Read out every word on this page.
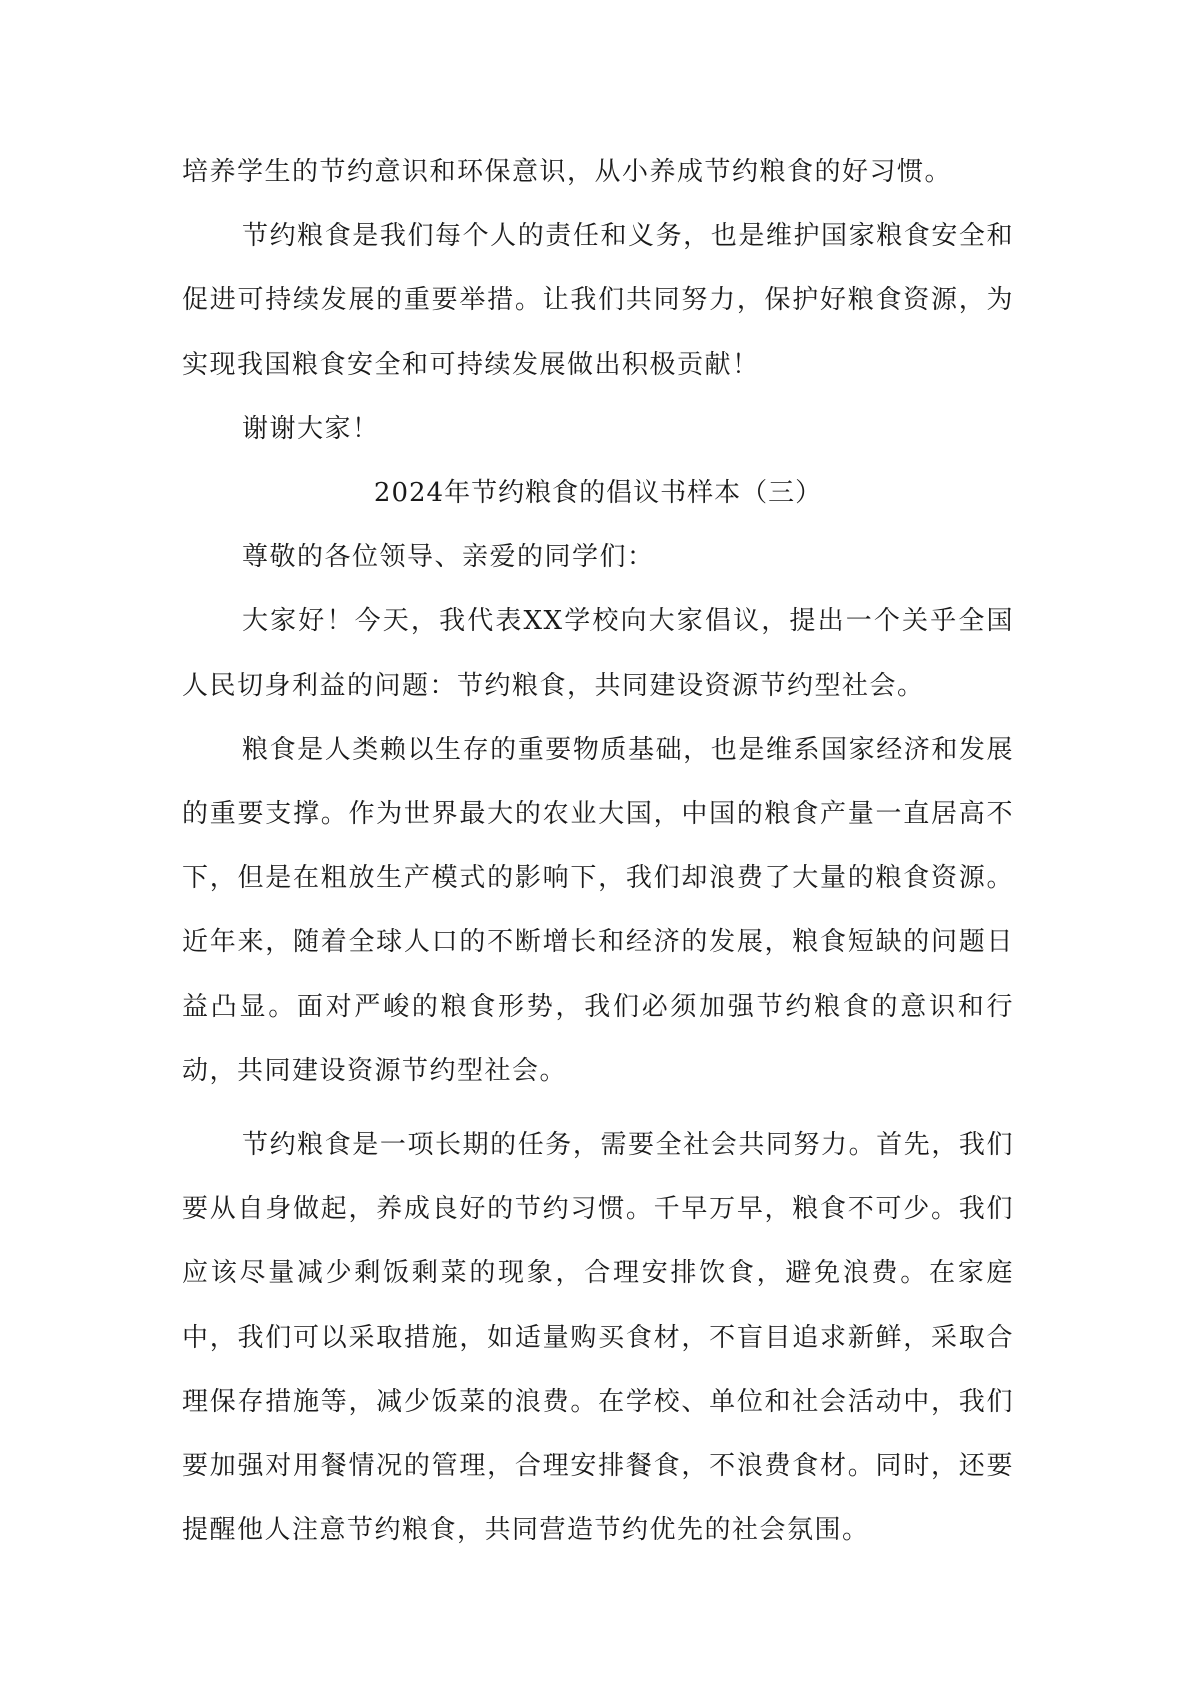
培养学生的节约意识和环保意识，从小养成节约粮食的好习惯。

节约粮食是我们每个人的责任和义务，也是维护国家粮食安全和促进可持续发展的重要举措。让我们共同努力，保护好粮食资源，为实现我国粮食安全和可持续发展做出积极贡献！

谢谢大家！

2024年节约粮食的倡议书样本（三）

尊敬的各位领导、亲爱的同学们：

大家好！今天，我代表XX学校向大家倡议，提出一个关乎全国人民切身利益的问题：节约粮食，共同建设资源节约型社会。

粮食是人类赖以生存的重要物质基础，也是维系国家经济和发展的重要支撑。作为世界最大的农业大国，中国的粮食产量一直居高不下，但是在粗放生产模式的影响下，我们却浪费了大量的粮食资源。近年来，随着全球人口的不断增长和经济的发展，粮食短缺的问题日益凸显。面对严峻的粮食形势，我们必须加强节约粮食的意识和行动，共同建设资源节约型社会。

节约粮食是一项长期的任务，需要全社会共同努力。首先，我们要从自身做起，养成良好的节约习惯。千早万早，粮食不可少。我们应该尽量减少剩饭剩菜的现象，合理安排饮食，避免浪费。在家庭中，我们可以采取措施，如适量购买食材，不盲目追求新鲜，采取合理保存措施等，减少饭菜的浪费。在学校、单位和社会活动中，我们要加强对用餐情况的管理，合理安排餐食，不浪费食材。同时，还要提醒他人注意节约粮食，共同营造节约优先的社会氛围。
